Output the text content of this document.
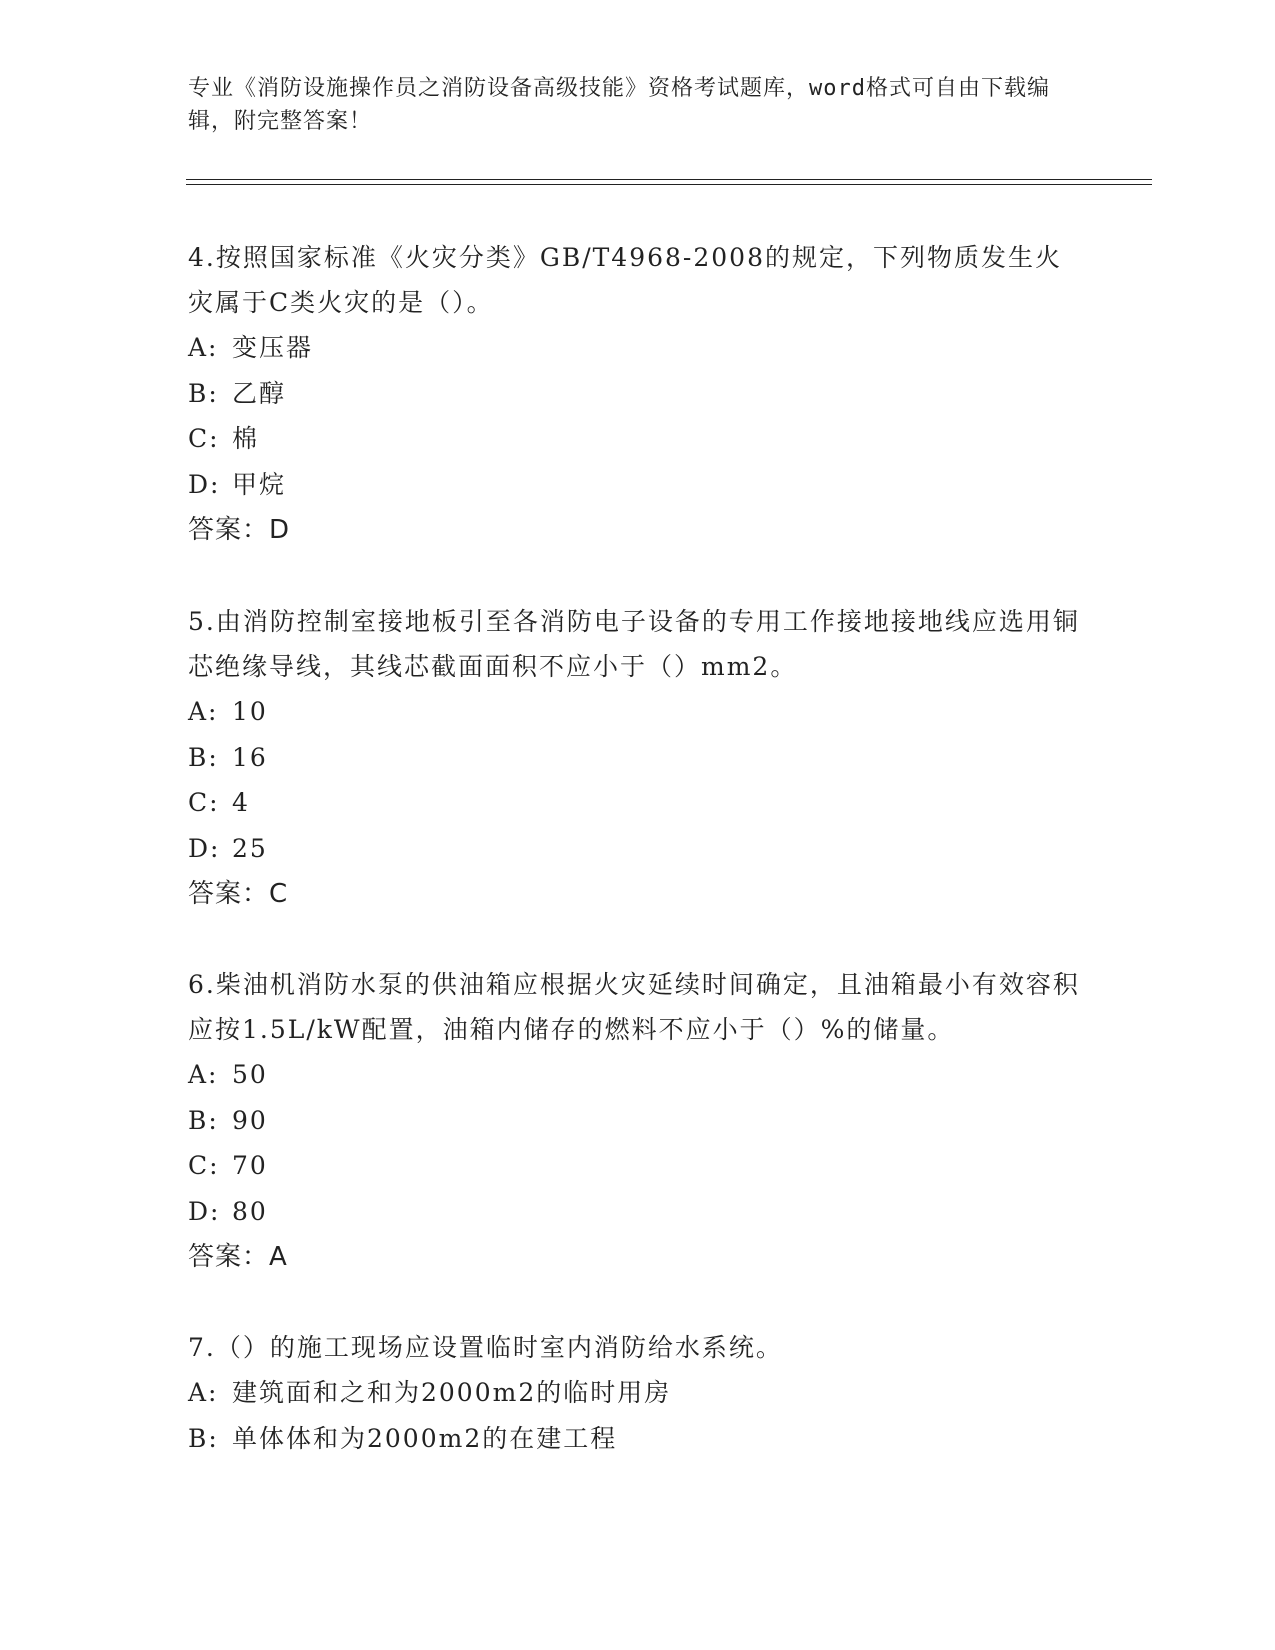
专业《消防设施操作员之消防设备高级技能》资格考试题库，word格式可自由下载编辑，附完整答案！

4.按照国家标准《火灾分类》GB/T4968-2008的规定，下列物质发生火灾属于C类火灾的是（）。

A: 变压器

B: 乙醇

C: 棉

D: 甲烷

答案：D

5.由消防控制室接地板引至各消防电子设备的专用工作接地接地线应选用铜芯绝缘导线，其线芯截面面积不应小于（）mm2。

A: 10

B: 16

C: 4

D: 25

答案：C

6.柴油机消防水泵的供油箱应根据火灾延续时间确定，且油箱最小有效容积应按1.5L/kW配置，油箱内储存的燃料不应小于（）%的储量。

A: 50

B: 90

C: 70

D: 80

答案：A

7.（）的施工现场应设置临时室内消防给水系统。

A: 建筑面和之和为2000m2的临时用房

B: 单体体和为2000m2的在建工程
